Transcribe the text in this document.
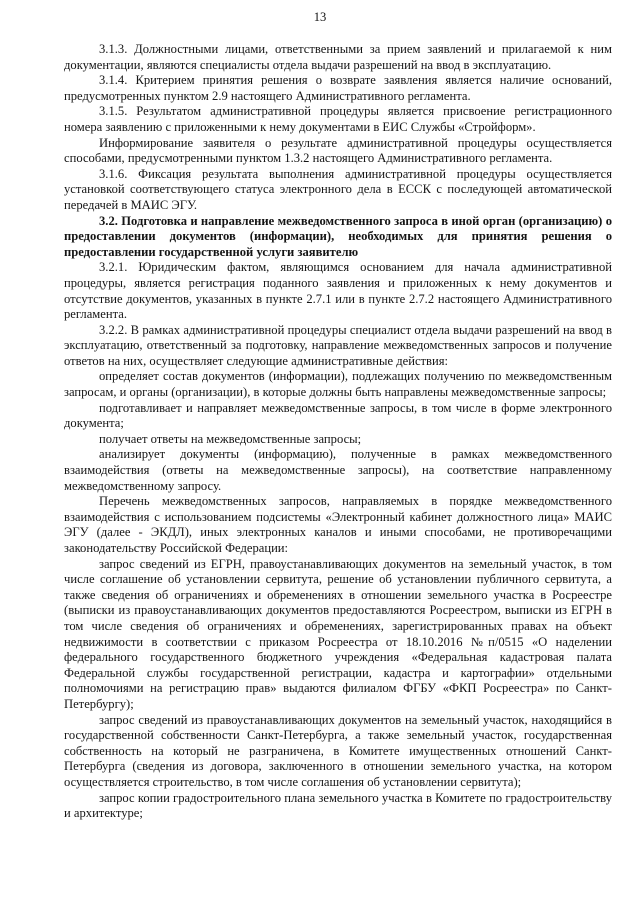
13

3.1.3. Должностными лицами, ответственными за прием заявлений и прилагаемой к ним документации, являются специалисты отдела выдачи разрешений на ввод в эксплуатацию.

3.1.4. Критерием принятия решения о возврате заявления является наличие оснований, предусмотренных пунктом 2.9 настоящего Административного регламента.

3.1.5. Результатом административной процедуры является присвоение регистрационного номера заявлению с приложенными к нему документами в ЕИС Службы «Стройформ».

Информирование заявителя о результате административной процедуры осуществляется способами, предусмотренными пунктом 1.3.2 настоящего Административного регламента.

3.1.6. Фиксация результата выполнения административной процедуры осуществляется установкой соответствующего статуса электронного дела в ЕССК с последующей автоматической передачей в МАИС ЭГУ.

3.2. Подготовка и направление межведомственного запроса в иной орган (организацию) о предоставлении документов (информации), необходимых для принятия решения о предоставлении государственной услуги заявителю

3.2.1. Юридическим фактом, являющимся основанием для начала административной процедуры, является регистрация поданного заявления и приложенных к нему документов и отсутствие документов, указанных в пункте 2.7.1 или в пункте 2.7.2 настоящего Административного регламента.

3.2.2. В рамках административной процедуры специалист отдела выдачи разрешений на ввод в эксплуатацию, ответственный за подготовку, направление межведомственных запросов и получение ответов на них, осуществляет следующие административные действия:

определяет состав документов (информации), подлежащих получению по межведомственным запросам, и органы (организации), в которые должны быть направлены межведомственные запросы;

подготавливает и направляет межведомственные запросы, в том числе в форме электронного документа;

получает ответы на межведомственные запросы;

анализирует документы (информацию), полученные в рамках межведомственного взаимодействия (ответы на межведомственные запросы), на соответствие направленному межведомственному запросу.

Перечень межведомственных запросов, направляемых в порядке межведомственного взаимодействия с использованием подсистемы «Электронный кабинет должностного лица» МАИС ЭГУ (далее - ЭКДЛ), иных электронных каналов и иными способами, не противоречащими законодательству Российской Федерации:

запрос сведений из ЕГРН, правоустанавливающих документов на земельный участок, в том числе соглашение об установлении сервитута, решение об установлении публичного сервитута, а также сведения об ограничениях и обременениях в отношении земельного участка в Росреестре (выписки из правоустанавливающих документов предоставляются Росреестром, выписки из ЕГРН в том числе сведения об ограничениях и обременениях, зарегистрированных правах на объект недвижимости в соответствии с приказом Росреестра от 18.10.2016 №п/0515 «О наделении федерального государственного бюджетного учреждения «Федеральная кадастровая палата Федеральной службы государственной регистрации, кадастра и картографии» отдельными полномочиями на регистрацию прав» выдаются филиалом ФГБУ «ФКП Росреестра» по Санкт-Петербургу);

запрос сведений из правоустанавливающих документов на земельный участок, находящийся в государственной собственности Санкт-Петербурга, а также земельный участок, государственная собственность на который не разграничена, в Комитете имущественных отношений Санкт-Петербурга (сведения из договора, заключенного в отношении земельного участка, на котором осуществляется строительство, в том числе соглашения об установлении сервитута);

запрос копии градостроительного плана земельного участка в Комитете по градостроительству и архитектуре;
